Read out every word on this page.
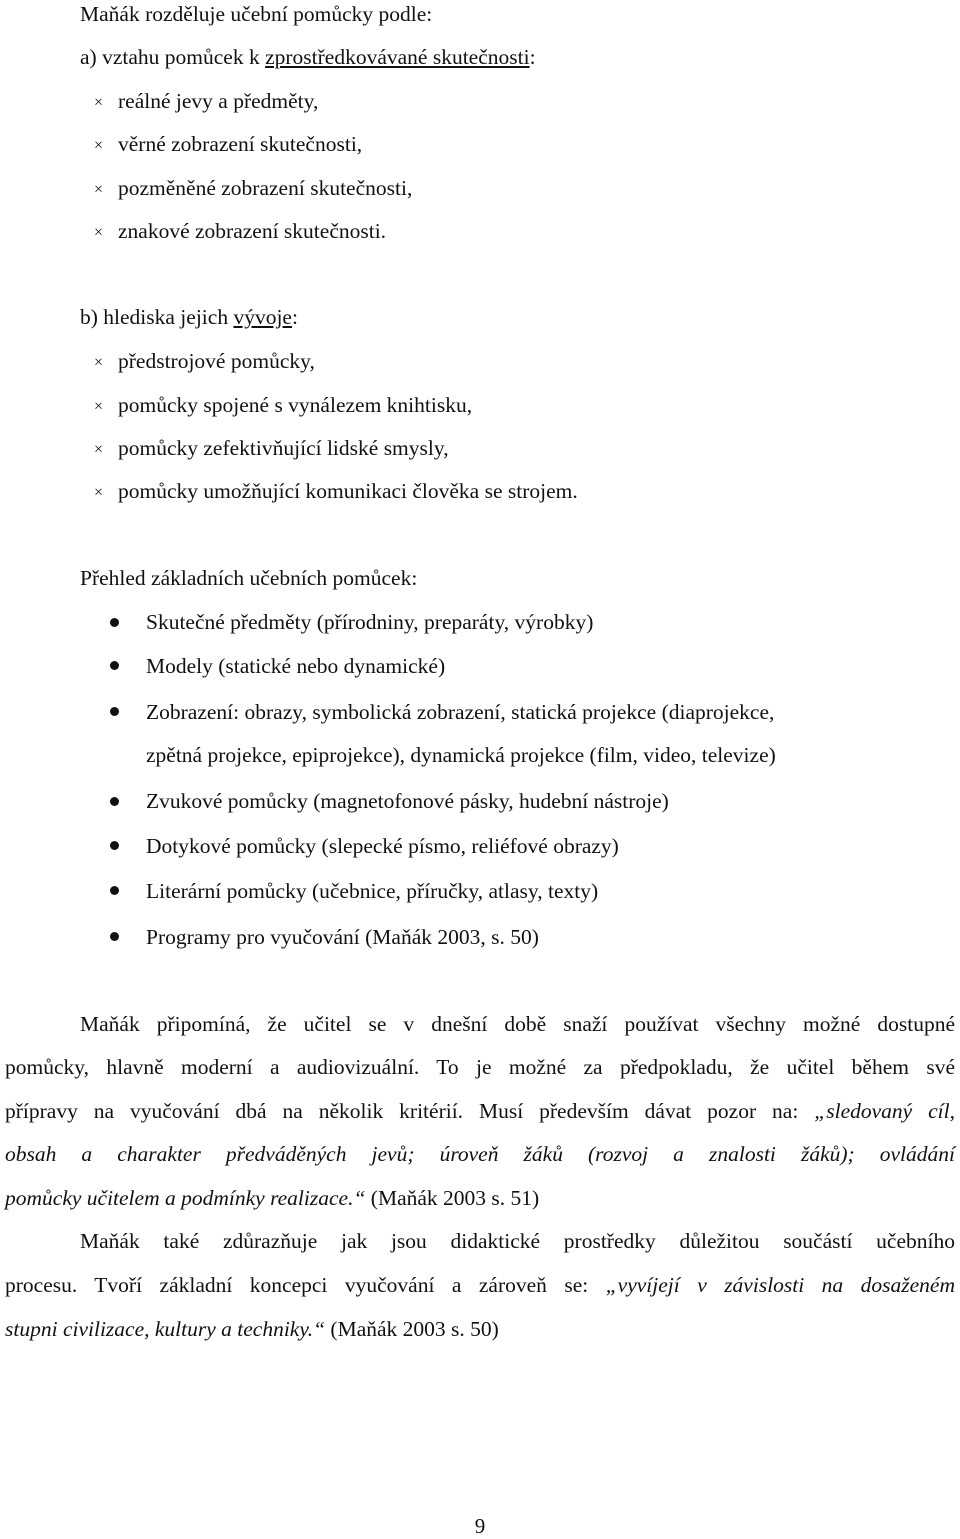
Maňák rozděluje učební pomůcky podle:
a) vztahu pomůcek k zprostředkovávané skutečnosti:
× reálné jevy a předměty,
× věrné zobrazení skutečnosti,
× pozměněné zobrazení skutečnosti,
× znakové zobrazení skutečnosti.
b) hlediska jejich vývoje:
× předstrojové pomůcky,
× pomůcky spojené s vynálezem knihtisku,
× pomůcky zefektivňující lidské smysly,
× pomůcky umožňující komunikaci člověka se strojem.
Přehled základních učebních pomůcek:
Skutečné předměty (přírodniny, preparáty, výrobky)
Modely (statické nebo dynamické)
Zobrazení: obrazy, symbolická zobrazení, statická projekce (diaprojekce,
zpětná projekce, epiprojekce), dynamická projekce (film, video, televize)
Zvukové pomůcky (magnetofonové pásky, hudební nástroje)
Dotykové pomůcky (slepecké písmo, reliéfové obrazy)
Literární pomůcky (učebnice, příručky, atlasy, texty)
Programy pro vyučování (Maňák 2003, s. 50)
Maňák připomíná, že učitel se v dnešní době snaží používat všechny možné dostupné
pomůcky, hlavně moderní a audiovizuální. To je možné za předpokladu, že učitel během své
přípravy na vyučování dbá na několik kritérií. Musí především dávat pozor na: „sledovaný cíl,
obsah a charakter předváděných jevů; úroveň žáků (rozvoj a znalosti žáků); ovládání
pomůcky učitelem a podmínky realizace.“ (Maňák 2003 s. 51)
Maňák také zdůrazňuje jak jsou didaktické prostředky důležitou součástí učebního
procesu. Tvoří základní koncepci vyučování a zároveň se: „vyvíjejí v závislosti na dosaženém
stupni civilizace, kultury a techniky.“ (Maňák 2003 s. 50)
9
